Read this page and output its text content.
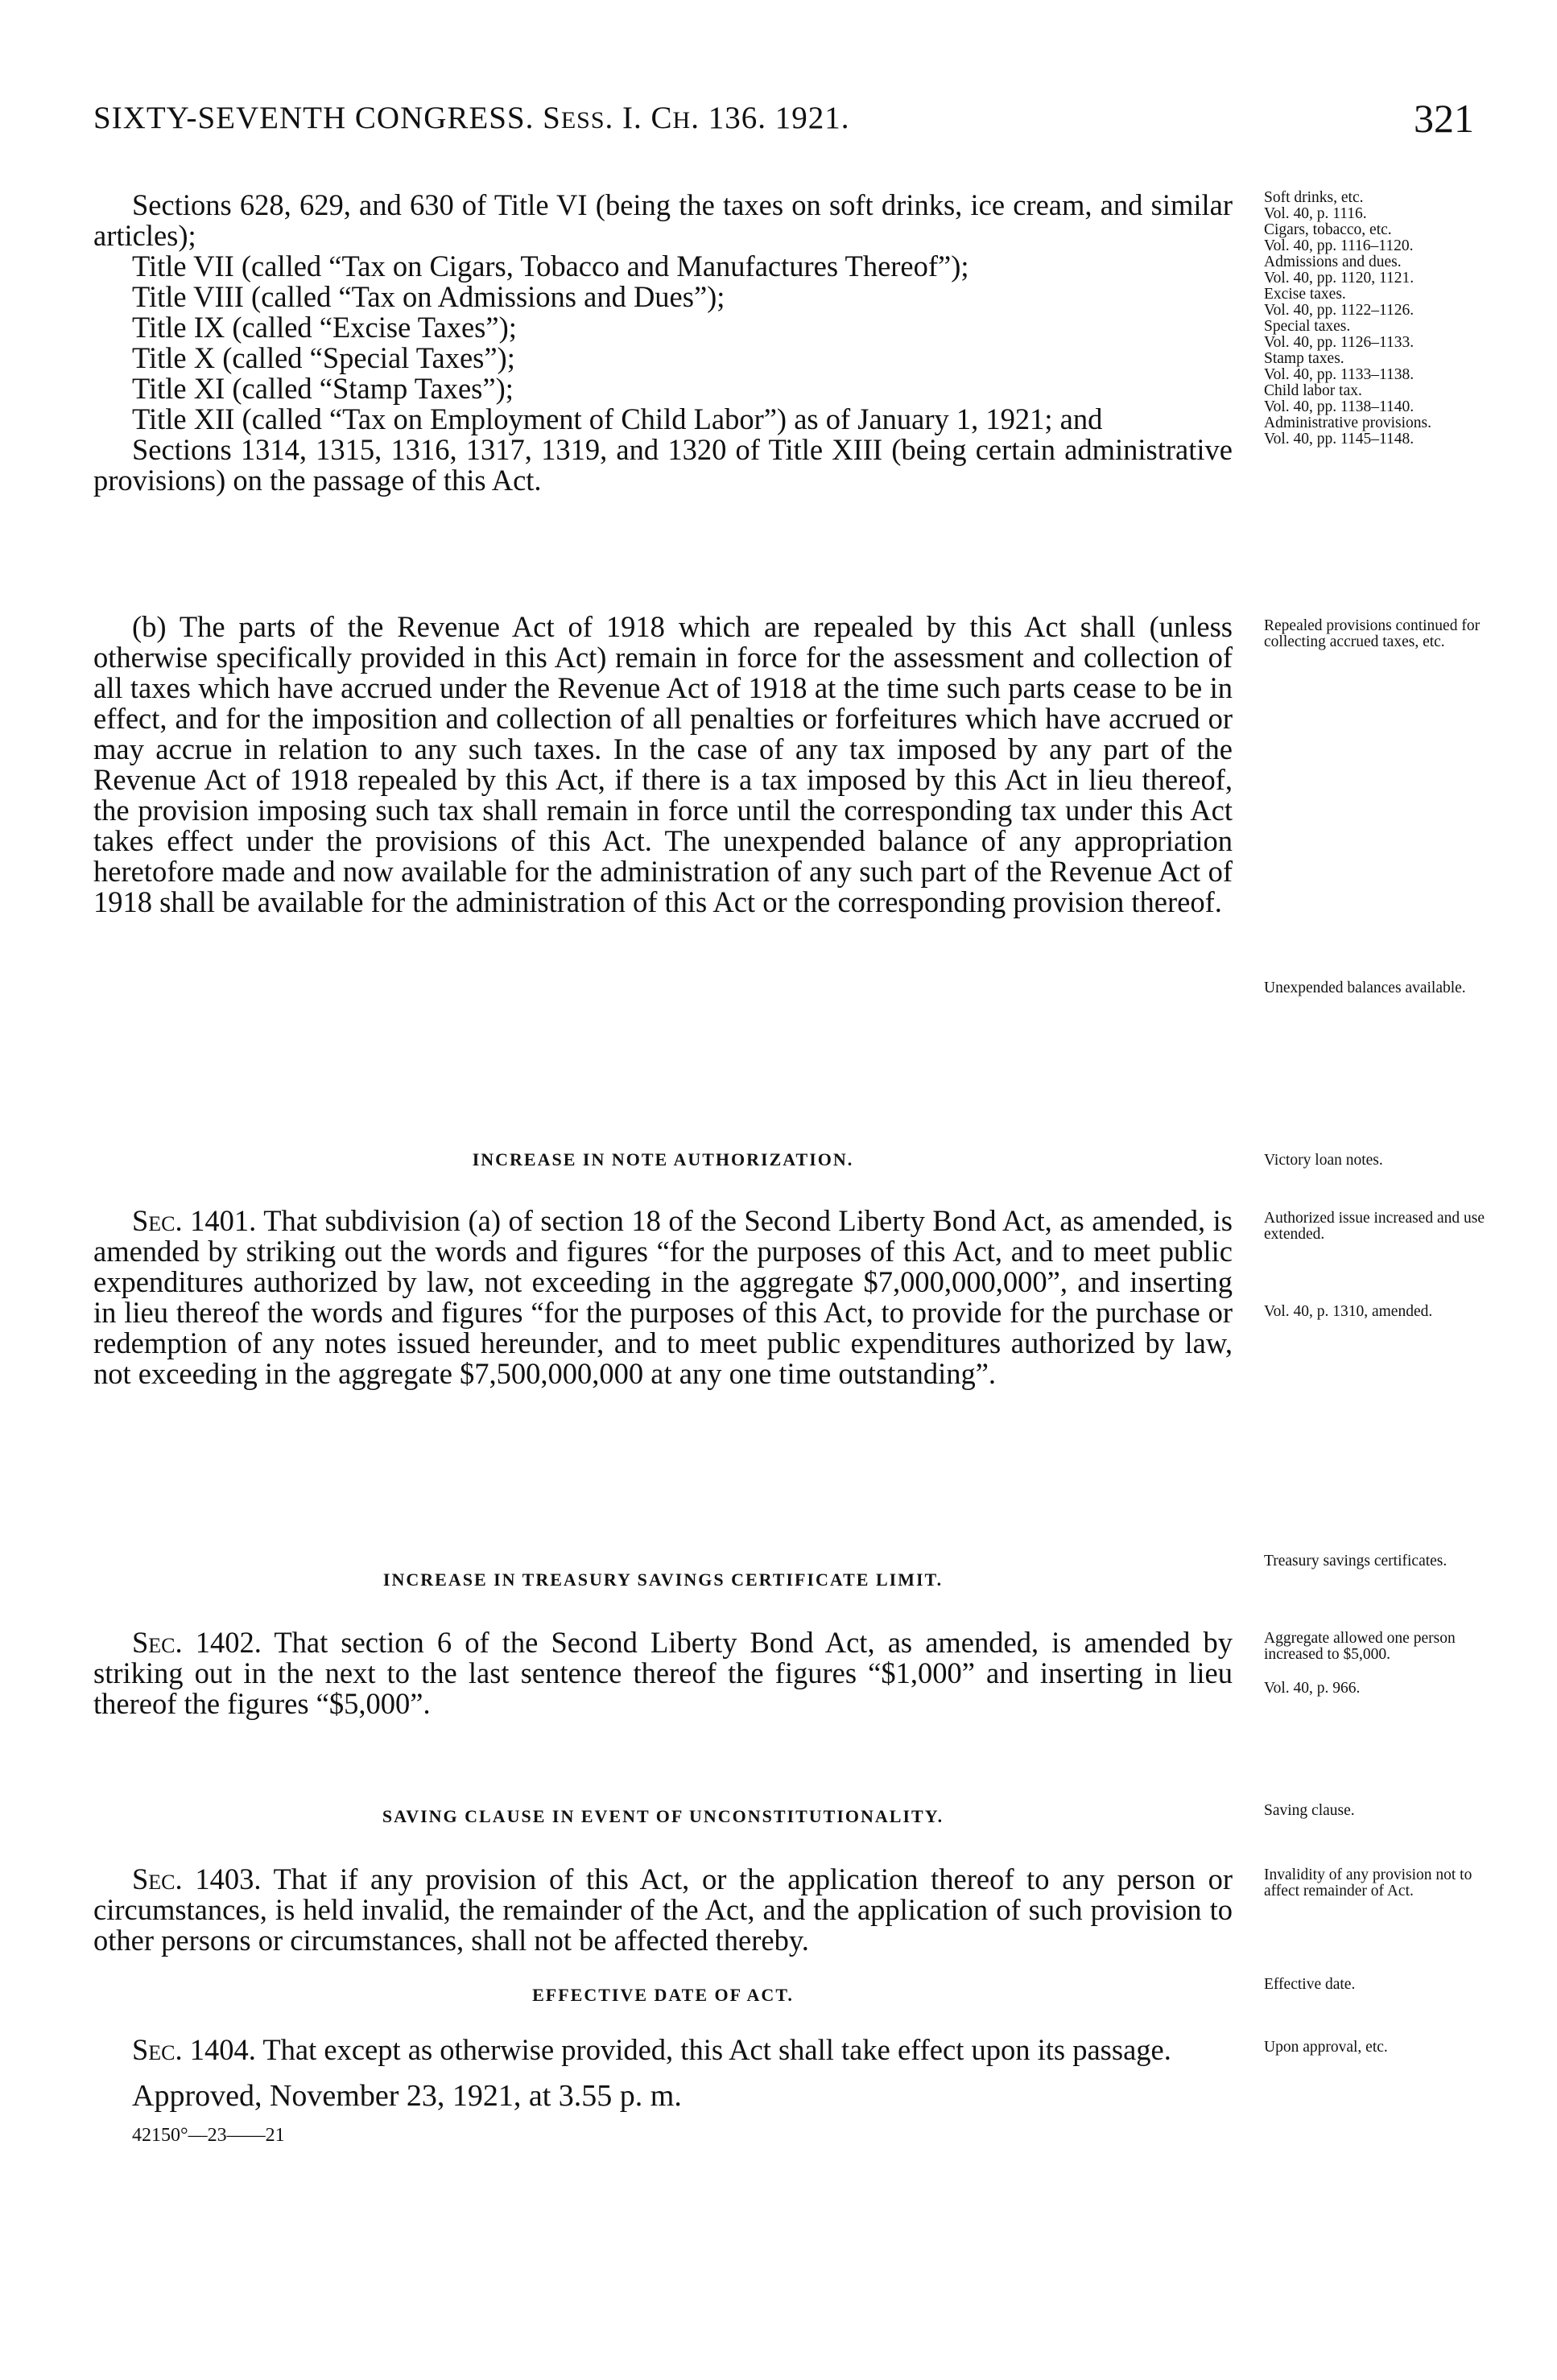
SIXTY-SEVENTH CONGRESS. SESS. I. CH. 136. 1921.	321

Sections 628, 629, and 630 of Title VI (being the taxes on soft drinks, ice cream, and similar articles);

Title VII (called “Tax on Cigars, Tobacco and Manufactures Thereof”);

Title VIII (called “Tax on Admissions and Dues”);

Title IX (called “Excise Taxes”);

Title X (called “Special Taxes”);

Title XI (called “Stamp Taxes”);

Title XII (called “Tax on Employment of Child Labor”) as of January 1, 1921; and

Sections 1314, 1315, 1316, 1317, 1319, and 1320 of Title XIII (being certain administrative provisions) on the passage of this Act.

(b) The parts of the Revenue Act of 1918 which are repealed by this Act shall (unless otherwise specifically provided in this Act) remain in force for the assessment and collection of all taxes which have accrued under the Revenue Act of 1918 at the time such parts cease to be in effect, and for the imposition and collection of all penalties or forfeitures which have accrued or may accrue in relation to any such taxes. In the case of any tax imposed by any part of the Revenue Act of 1918 repealed by this Act, if there is a tax imposed by this Act in lieu thereof, the provision imposing such tax shall remain in force until the corresponding tax under this Act takes effect under the provisions of this Act. The unexpended balance of any appropriation heretofore made and now available for the administration of any such part of the Revenue Act of 1918 shall be available for the administration of this Act or the corresponding provision thereof.

INCREASE IN NOTE AUTHORIZATION.

Sec. 1401. That subdivision (a) of section 18 of the Second Liberty Bond Act, as amended, is amended by striking out the words and figures “for the purposes of this Act, and to meet public expenditures authorized by law, not exceeding in the aggregate $7,000,000,000”, and inserting in lieu thereof the words and figures “for the purposes of this Act, to provide for the purchase or redemption of any notes issued hereunder, and to meet public expenditures authorized by law, not exceeding in the aggregate $7,500,000,000 at any one time outstanding”.

INCREASE IN TREASURY SAVINGS CERTIFICATE LIMIT.

Sec. 1402. That section 6 of the Second Liberty Bond Act, as amended, is amended by striking out in the next to the last sentence thereof the figures “$1,000” and inserting in lieu thereof the figures “$5,000”.

SAVING CLAUSE IN EVENT OF UNCONSTITUTIONALITY.

Sec. 1403. That if any provision of this Act, or the application thereof to any person or circumstances, is held invalid, the remainder of the Act, and the application of such provision to other persons or circumstances, shall not be affected thereby.

EFFECTIVE DATE OF ACT.

Sec. 1404. That except as otherwise provided, this Act shall take effect upon its passage.

Approved, November 23, 1921, at 3.55 p. m.
42150°—23——21
Soft drinks, etc.
Vol. 40, p. 1116.
Cigars, tobacco, etc.
Vol. 40, pp. 1116–1120.
Admissions and dues.
Vol. 40, pp. 1120, 1121.
Excise taxes.
Vol. 40, pp. 1122–1126.
Special taxes.
Vol. 40, pp. 1126–1133.
Stamp taxes.
Vol. 40, pp. 1133–1138.
Child labor tax.
Vol. 40, pp. 1138–1140.
Administrative provisions.
Vol. 40, pp. 1145–1148.
Repealed provisions continued for collecting accrued taxes, etc.
Unexpended balances available.
Victory loan notes.
Authorized issue increased and use extended.
Vol. 40, p. 1310, amended.
Treasury savings certificates.
Aggregate allowed one person increased to $5,000.
Vol. 40, p. 966.
Saving clause.
Invalidity of any provision not to affect remainder of Act.
Effective date.
Upon approval, etc.
